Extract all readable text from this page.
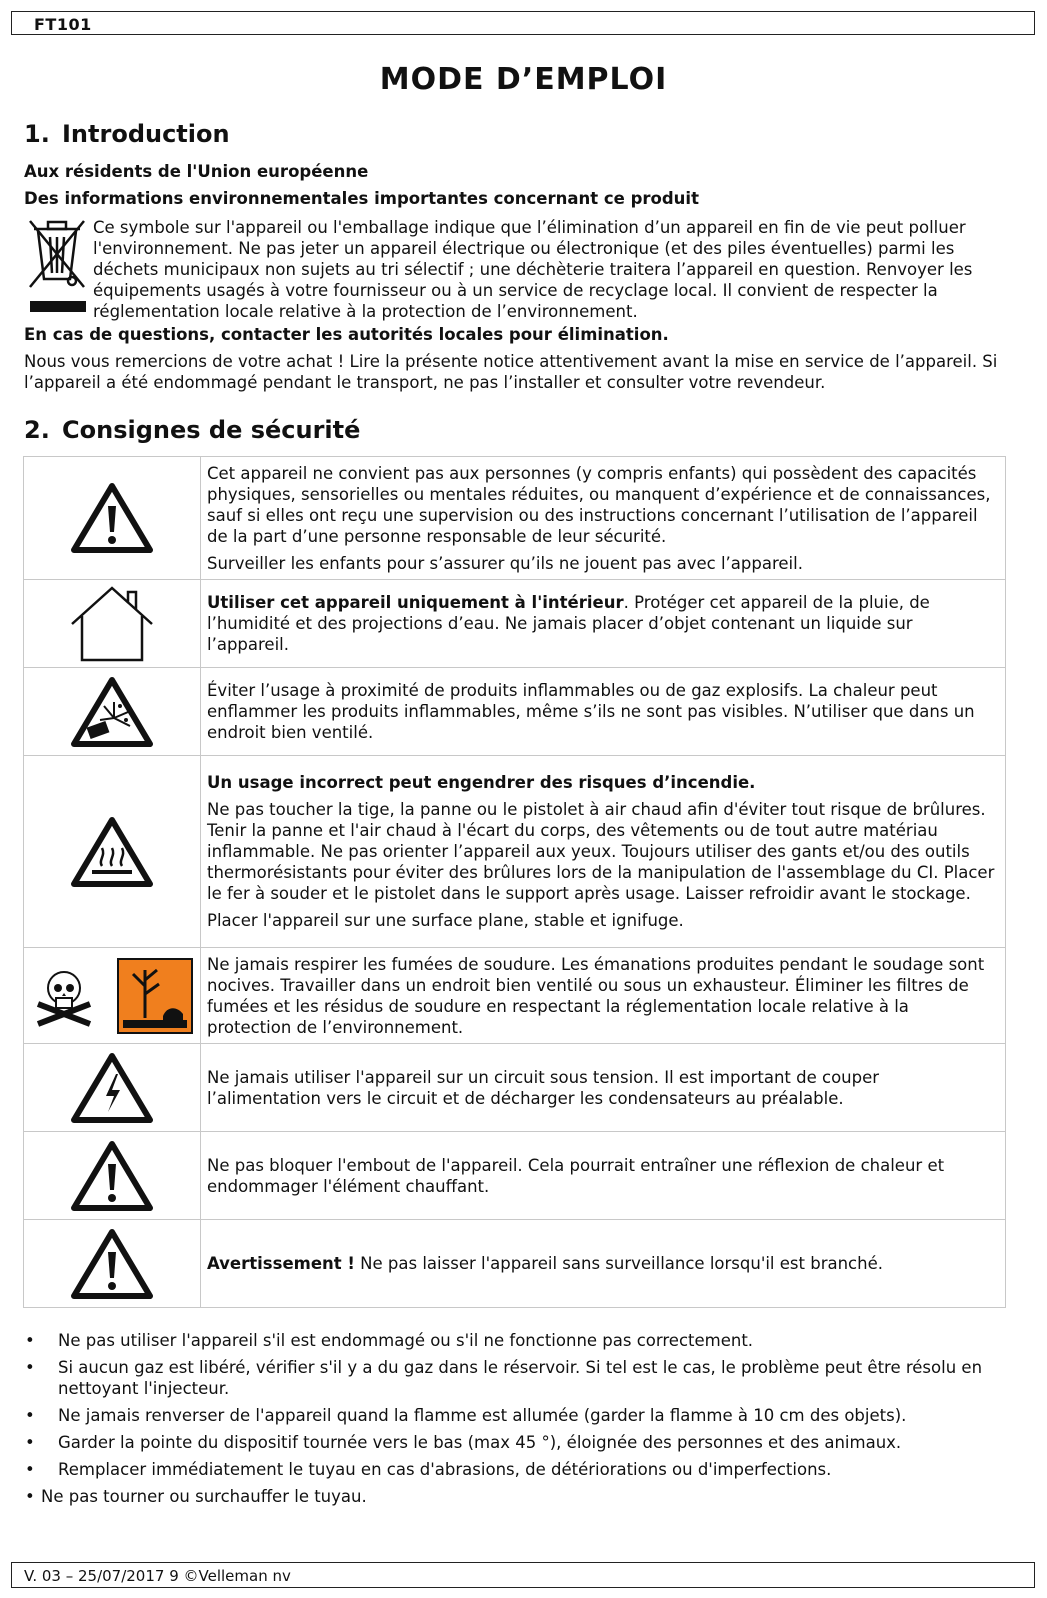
FT101
MODE D’EMPLOI
1. Introduction

Aux résidents de l'Union européenne

Des informations environnementales importantes concernant ce produit

Ce symbole sur l'appareil ou l'emballage indique que l’élimination d’un appareil en fin de vie peut polluer l'environnement. Ne pas jeter un appareil électrique ou électronique (et des piles éventuelles) parmi les déchets municipaux non sujets au tri sélectif ; une déchèterie traitera l’appareil en question. Renvoyer les équipements usagés à votre fournisseur ou à un service de recyclage local. Il convient de respecter la réglementation locale relative à la protection de l’environnement.

En cas de questions, contacter les autorités locales pour élimination.

Nous vous remercions de votre achat ! Lire la présente notice attentivement avant la mise en service de l’appareil. Si l’appareil a été endommagé pendant le transport, ne pas l’installer et consulter votre revendeur.

2. Consignes de sécurité

Cet appareil ne convient pas aux personnes (y compris enfants) qui possèdent des capacités physiques, sensorielles ou mentales réduites, ou manquent d’expérience et de connaissances, sauf si elles ont reçu une supervision ou des instructions concernant l’utilisation de l’appareil de la part d’une personne responsable de leur sécurité.

Surveiller les enfants pour s’assurer qu’ils ne jouent pas avec l’appareil.

Utiliser cet appareil uniquement à l'intérieur. Protéger cet appareil de la pluie, de l’humidité et des projections d’eau. Ne jamais placer d’objet contenant un liquide sur l’appareil.

Éviter l’usage à proximité de produits inflammables ou de gaz explosifs. La chaleur peut enflammer les produits inflammables, même s’ils ne sont pas visibles. N’utiliser que dans un endroit bien ventilé.

Un usage incorrect peut engendrer des risques d’incendie.

Ne pas toucher la tige, la panne ou le pistolet à air chaud afin d'éviter tout risque de brûlures. Tenir la panne et l'air chaud à l'écart du corps, des vêtements ou de tout autre matériau inflammable. Ne pas orienter l’appareil aux yeux. Toujours utiliser des gants et/ou des outils thermorésistants pour éviter des brûlures lors de la manipulation de l'assemblage du CI. Placer le fer à souder et le pistolet dans le support après usage. Laisser refroidir avant le stockage.

Placer l'appareil sur une surface plane, stable et ignifuge.

Ne jamais respirer les fumées de soudure. Les émanations produites pendant le soudage sont nocives. Travailler dans un endroit bien ventilé ou sous un exhausteur. Éliminer les filtres de fumées et les résidus de soudure en respectant la réglementation locale relative à la protection de l’environnement.

Ne jamais utiliser l'appareil sur un circuit sous tension. Il est important de couper l’alimentation vers le circuit et de décharger les condensateurs au préalable.

Ne pas bloquer l'embout de l'appareil. Cela pourrait entraîner une réflexion de chaleur et endommager l'élément chauffant.

Avertissement ! Ne pas laisser l'appareil sans surveillance lorsqu'il est branché.

• Ne pas utiliser l'appareil s'il est endommagé ou s'il ne fonctionne pas correctement.
• Si aucun gaz est libéré, vérifier s'il y a du gaz dans le réservoir. Si tel est le cas, le problème peut être résolu en nettoyant l'injecteur.
• Ne jamais renverser de l'appareil quand la flamme est allumée (garder la flamme à 10 cm des objets).
• Garder la pointe du dispositif tournée vers le bas (max 45 °), éloignée des personnes et des animaux.
• Remplacer immédiatement le tuyau en cas d'abrasions, de détériorations ou d'imperfections.
• Ne pas tourner ou surchauffer le tuyau.
V. 03 – 25/07/2017 9 ©Velleman nv
